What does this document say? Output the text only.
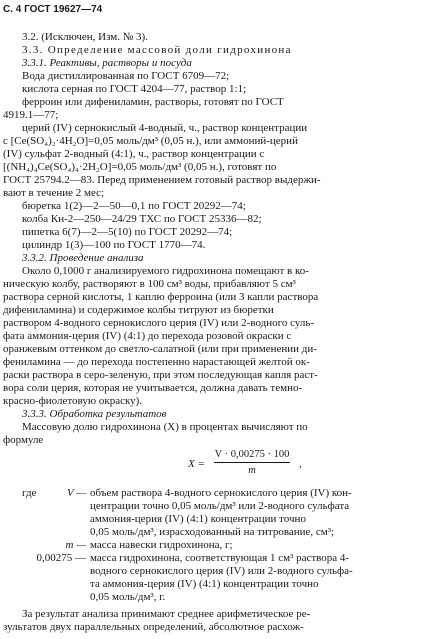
С. 4 ГОСТ 19627—74
3.2. (Исключен, Изм. № 3).
3.3. Определение массовой доли гидрохинона
3.3.1. Реактивы, растворы и посуда
Вода дистиллированная по ГОСТ 6709—72;
кислота серная по ГОСТ 4204—77, раствор 1:1;
ферроин или дифениламин, растворы, готовят по ГОСТ
4919.1—77;
церий (IV) сернокислый 4-водный, ч., раствор концентрации
с [Ce(SO₄)₂·4H₂O]=0,05 моль/дм³ (0,05 н.), или аммоний-церий
(IV) сульфат 2-водный (4:1), ч., раствор концентрации с
[(NH₄)₄Ce(SO₄)₄·2H₂O]=0,05 моль/дм³ (0,05 н.), готовят по
ГОСТ 25794.2—83. Перед применением готовый раствор выдержи-
вают в течение 2 мес;
бюретка 1(2)—2—50—0,1 по ГОСТ 20292—74;
колба Кн-2—250—24/29 ТХС по ГОСТ 25336—82;
пипетка 6(7)—2—5(10) по ГОСТ 20292—74;
цилиндр 1(3)—100 по ГОСТ 1770—74.
3.3.2. Проведение анализа
Около 0,1000 г анализируемого гидрохинона помещают в ко-
ническую колбу, растворяют в 100 см³ воды, прибавляют 5 см³
раствора серной кислоты, 1 каплю ферроина (или 3 капли раствора
дифениламина) и содержимое колбы титруют из бюретки
раствором 4-водного сернокислого церия (IV) или 2-водного суль-
фата аммония-церия (IV) (4:1) до перехода розовой окраски с
оранжевым оттенком до светло-салатной (или при применении ди-
фениламина — до перехода постепенно нарастающей желтой ок-
раски раствора в серо-зеленую, при этом последующая капля раст-
вора соли церия, которая не учитывается, должна давать темно-
красно-фиолетовую окраску).
3.3.3. Обработка результатов
Массовую долю гидрохинона (X) в процентах вычисляют по
формуле
X =
V · 0,00275 · 100
m
,
где	V — объем раствора 4-водного сернокислого церия (IV) кон-
центрации точно 0,05 моль/дм³ или 2-водного сульфата
аммония-церия (IV) (4:1) концентрации точно
0,05 моль/дм³, израсходованный на титрование, см³;
m — масса навески гидрохинона, г;
0,00275 — масса гидрохинона, соответствующая 1 см³ раствора 4-
водного сернокислого церия (IV) или 2-водного сульфа-
та аммония-церия (IV) (4:1) концентрации точно
0,05 моль/дм³, г.
За результат анализа принимают среднее арифметическое ре-
зультатов двух параллельных определений, абсолютное расхож-
